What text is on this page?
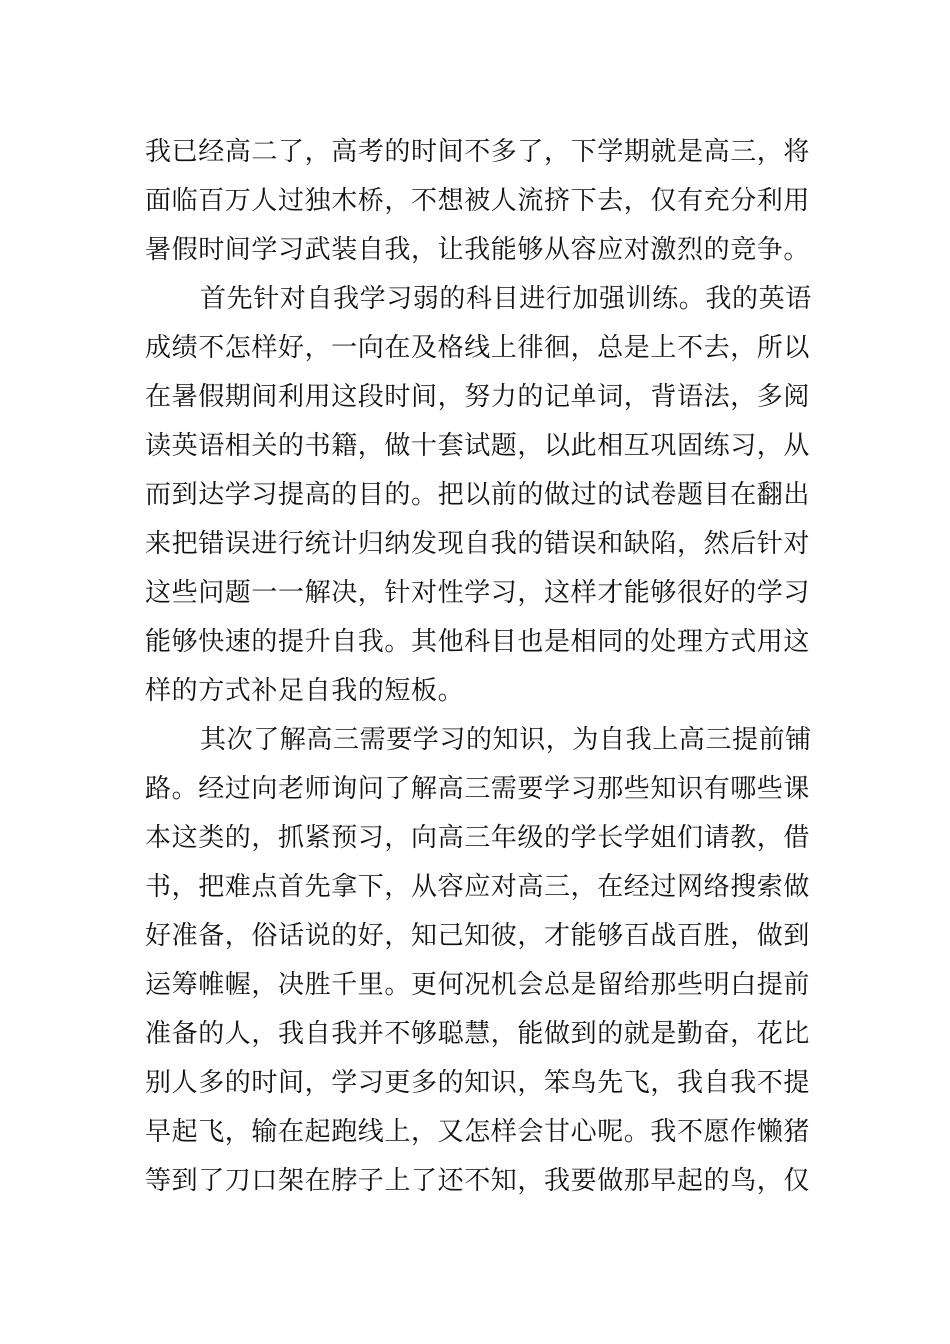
我已经高二了，高考的时间不多了，下学期就是高三，将
面临百万人过独木桥，不想被人流挤下去，仅有充分利用
暑假时间学习武装自我，让我能够从容应对激烈的竞争。
首先针对自我学习弱的科目进行加强训练。我的英语
成绩不怎样好，一向在及格线上徘徊，总是上不去，所以
在暑假期间利用这段时间，努力的记单词，背语法，多阅
读英语相关的书籍，做十套试题，以此相互巩固练习，从
而到达学习提高的目的。把以前的做过的试卷题目在翻出
来把错误进行统计归纳发现自我的错误和缺陷，然后针对
这些问题一一解决，针对性学习，这样才能够很好的学习
能够快速的提升自我。其他科目也是相同的处理方式用这
样的方式补足自我的短板。
其次了解高三需要学习的知识，为自我上高三提前铺
路。经过向老师询问了解高三需要学习那些知识有哪些课
本这类的，抓紧预习，向高三年级的学长学姐们请教，借
书，把难点首先拿下，从容应对高三，在经过网络搜索做
好准备，俗话说的好，知己知彼，才能够百战百胜，做到
运筹帷幄，决胜千里。更何况机会总是留给那些明白提前
准备的人，我自我并不够聪慧，能做到的就是勤奋，花比
别人多的时间，学习更多的知识，笨鸟先飞，我自我不提
早起飞，输在起跑线上，又怎样会甘心呢。我不愿作懒猪
等到了刀口架在脖子上了还不知，我要做那早起的鸟，仅
